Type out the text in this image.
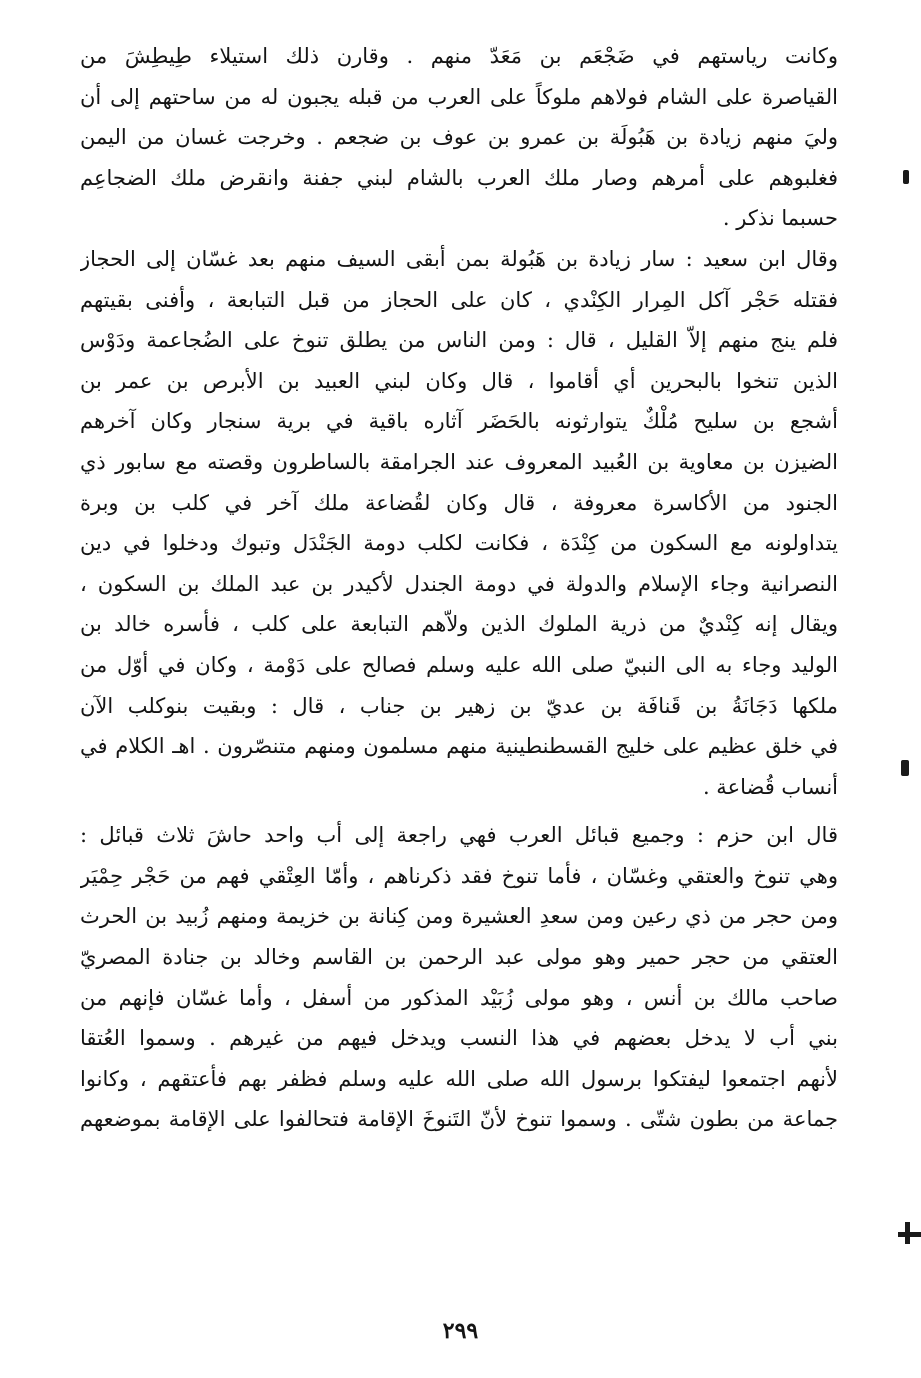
وكانت رياستهم في ضَجْعَم بن مَعَدّ منهم . وقارن ذلك استيلاء طِيطِشَ من
القياصرة على الشام فولاهم ملوكاً على العرب من قبله يجبون له من ساحتهم إلى أن
وليَ منهم زيادة بن هَبُولَة بن عمرو بن عوف بن ضجعم . وخرجت غسان من اليمن
فغلبوهم على أمرهم وصار ملك العرب بالشام لبني جفنة وانقرض ملك الضجاعِم
حسبما نذكر .
وقال ابن سعيد : سار زيادة بن هَبُولة بمن أبقى السيف منهم بعد غسّان إلى الحجاز
فقتله حَجْر آكل المِرار الكِنْدي ، كان على الحجاز من قبل التبابعة ، وأفنى بقيتهم
فلم ينج منهم إلاّ القليل ، قال : ومن الناس من يطلق تنوخ على الضُجاعمة ودَوْس
الذين تنخوا بالبحرين أي أقاموا ، قال وكان لبني العبيد بن الأبرص بن عمر بن
أشجع بن سليح مُلْكٌ يتوارثونه بالحَضَر آثاره باقية في برية سنجار وكان آخرهم
الضيزن بن معاوية بن العُبيد المعروف عند الجرامقة بالساطرون وقصته مع سابور ذي
الجنود من الأكاسرة معروفة ، قال وكان لقُضاعة ملك آخر في كلب بن وبرة
يتداولونه مع السكون من كِنْدَة ، فكانت لكلب دومة الجَنْدَل وتبوك ودخلوا في دين
النصرانية وجاء الإسلام والدولة في دومة الجندل لأكيدر بن عبد الملك بن السكون ،
ويقال إنه كِنْديٌ من ذرية الملوك الذين ولاّهم التبابعة على كلب ، فأسره خالد بن
الوليد وجاء به الى النبيّ صلى الله عليه وسلم فصالح على دَوْمة ، وكان في أوّل من
ملكها دَجَانَةُ بن قَنافَة بن عديّ بن زهير بن جناب ، قال : وبقيت بنوكلب الآن
في خلق عظيم على خليج القسطنطينية منهم مسلمون ومنهم متنصّرون . اهـ الكلام في
أنساب قُضاعة .
قال ابن حزم : وجميع قبائل العرب فهي راجعة إلى أب واحد حاشَ ثلاث قبائل :
وهي تنوخ والعتقي وغسّان ، فأما تنوخ فقد ذكرناهم ، وأمّا العِتْقي فهم من حَجْر حِمْيَر
ومن حجر من ذي رعين ومن سعدِ العشيرة ومن كِنانة بن خزيمة ومنهم زُبيد بن الحرث
العتقي من حجر حمير وهو مولى عبد الرحمن بن القاسم وخالد بن جنادة المصريّ
صاحب مالك بن أنس ، وهو مولى زُبَيْد المذكور من أسفل ، وأما غسّان فإنهم من
بني أب لا يدخل بعضهم في هذا النسب ويدخل فيهم من غيرهم . وسموا العُتقا
لأنهم اجتمعوا ليفتكوا برسول الله صلى الله عليه وسلم فظفر بهم فأعتقهم ، وكانوا
جماعة من بطون شتّى . وسموا تنوخ لأنّ التَنوخَ الإقامة فتحالفوا على الإقامة بموضعهم
٢٩٩
